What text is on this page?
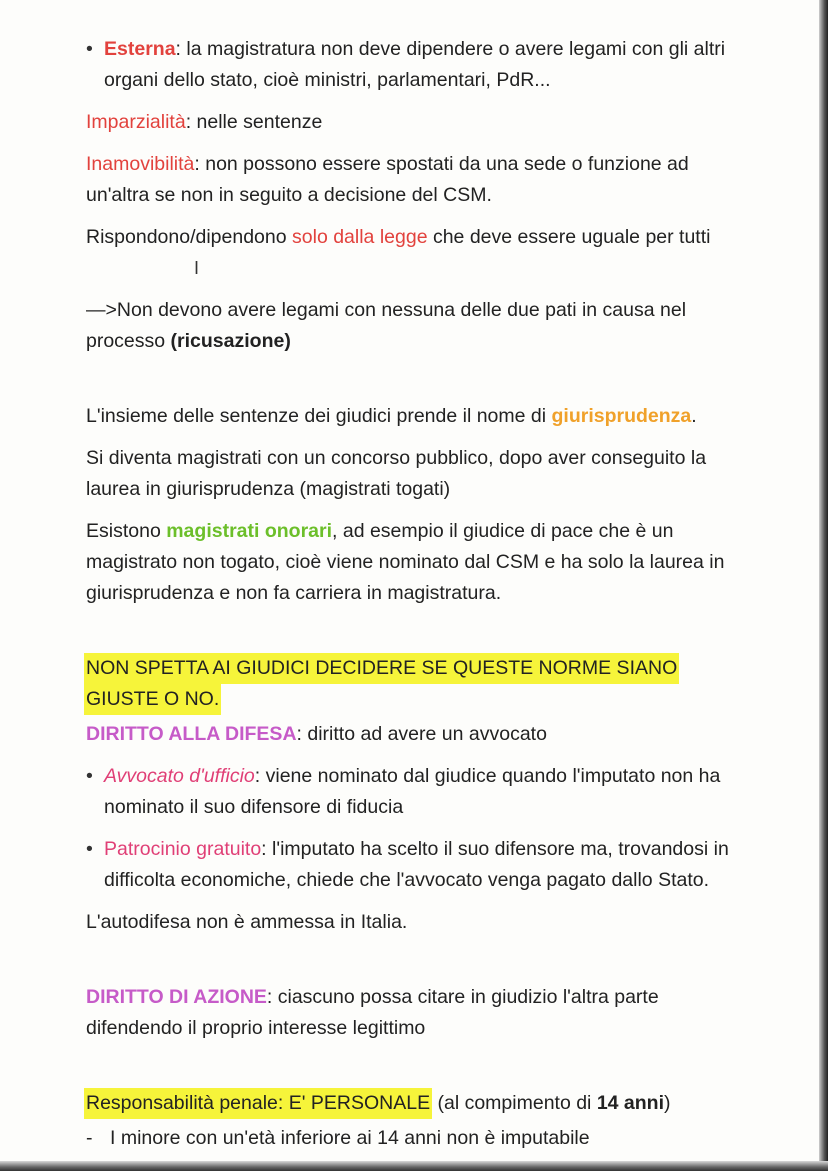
• Esterna: la magistratura non deve dipendere o avere legami con gli altri organi dello stato, cioè ministri, parlamentari, PdR...

Imparzialità: nelle sentenze

Inamovibilità: non possono essere spostati da una sede o funzione ad un'altra se non in seguito a decisione del CSM.

Rispondono/dipendono solo dalla legge che deve essere uguale per tuttiI

—>Non devono avere legami con nessuna delle due pati in causa nel processo (ricusazione)

L'insieme delle sentenze dei giudici prende il nome di giurisprudenza.

Si diventa magistrati con un concorso pubblico, dopo aver conseguito la laurea in giurisprudenza (magistrati togati)

Esistono magistrati onorari, ad esempio il giudice di pace che è un magistrato non togato, cioè viene nominato dal CSM e ha solo la laurea in giurisprudenza e non fa carriera in magistratura.

NON SPETTA AI GIUDICI DECIDERE SE QUESTE NORME SIANO
GIUSTE O NO.

DIRITTO ALLA DIFESA: diritto ad avere un avvocato

• Avvocato d'ufficio: viene nominato dal giudice quando l'imputato non ha nominato il suo difensore di fiducia

• Patrocinio gratuito: l'imputato ha scelto il suo difensore ma, trovandosi in difficolta economiche, chiede che l'avvocato venga pagato dallo Stato.

L'autodifesa non è ammessa in Italia.

DIRITTO DI AZIONE: ciascuno possa citare in giudizio l'altra parte difendendo il proprio interesse legittimo

Responsabilità penale: E' PERSONALE (al compimento di 14 anni)

- I minore con un'età inferiore ai 14 anni non è imputabile
